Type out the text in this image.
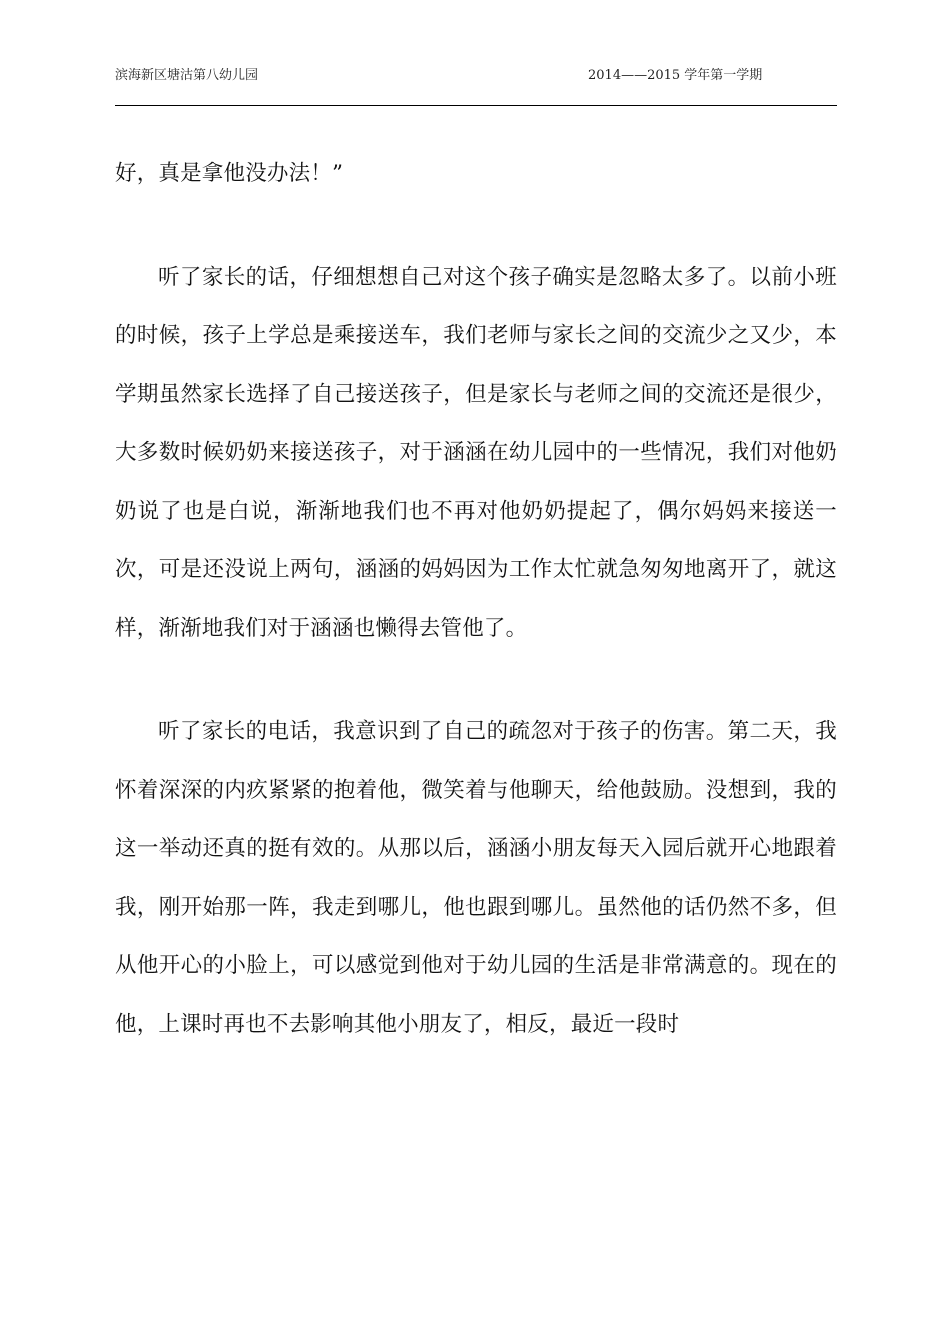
滨海新区塘沽第八幼儿园	2014——2015 学年第一学期

好，真是拿他没办法！”

听了家长的话，仔细想想自己对这个孩子确实是忽略太多了。以前小班的时候，孩子上学总是乘接送车，我们老师与家长之间的交流少之又少，本学期虽然家长选择了自己接送孩子，但是家长与老师之间的交流还是很少，大多数时候奶奶来接送孩子，对于涵涵在幼儿园中的一些情况，我们对他奶奶说了也是白说，渐渐地我们也不再对他奶奶提起了，偶尔妈妈来接送一次，可是还没说上两句，涵涵的妈妈因为工作太忙就急匆匆地离开了，就这样，渐渐地我们对于涵涵也懒得去管他了。

听了家长的电话，我意识到了自己的疏忽对于孩子的伤害。第二天，我怀着深深的内疚紧紧的抱着他，微笑着与他聊天，给他鼓励。没想到，我的这一举动还真的挺有效的。从那以后，涵涵小朋友每天入园后就开心地跟着我，刚开始那一阵，我走到哪儿，他也跟到哪儿。虽然他的话仍然不多，但从他开心的小脸上，可以感觉到他对于幼儿园的生活是非常满意的。现在的他，上课时再也不去影响其他小朋友了，相反，最近一段时
